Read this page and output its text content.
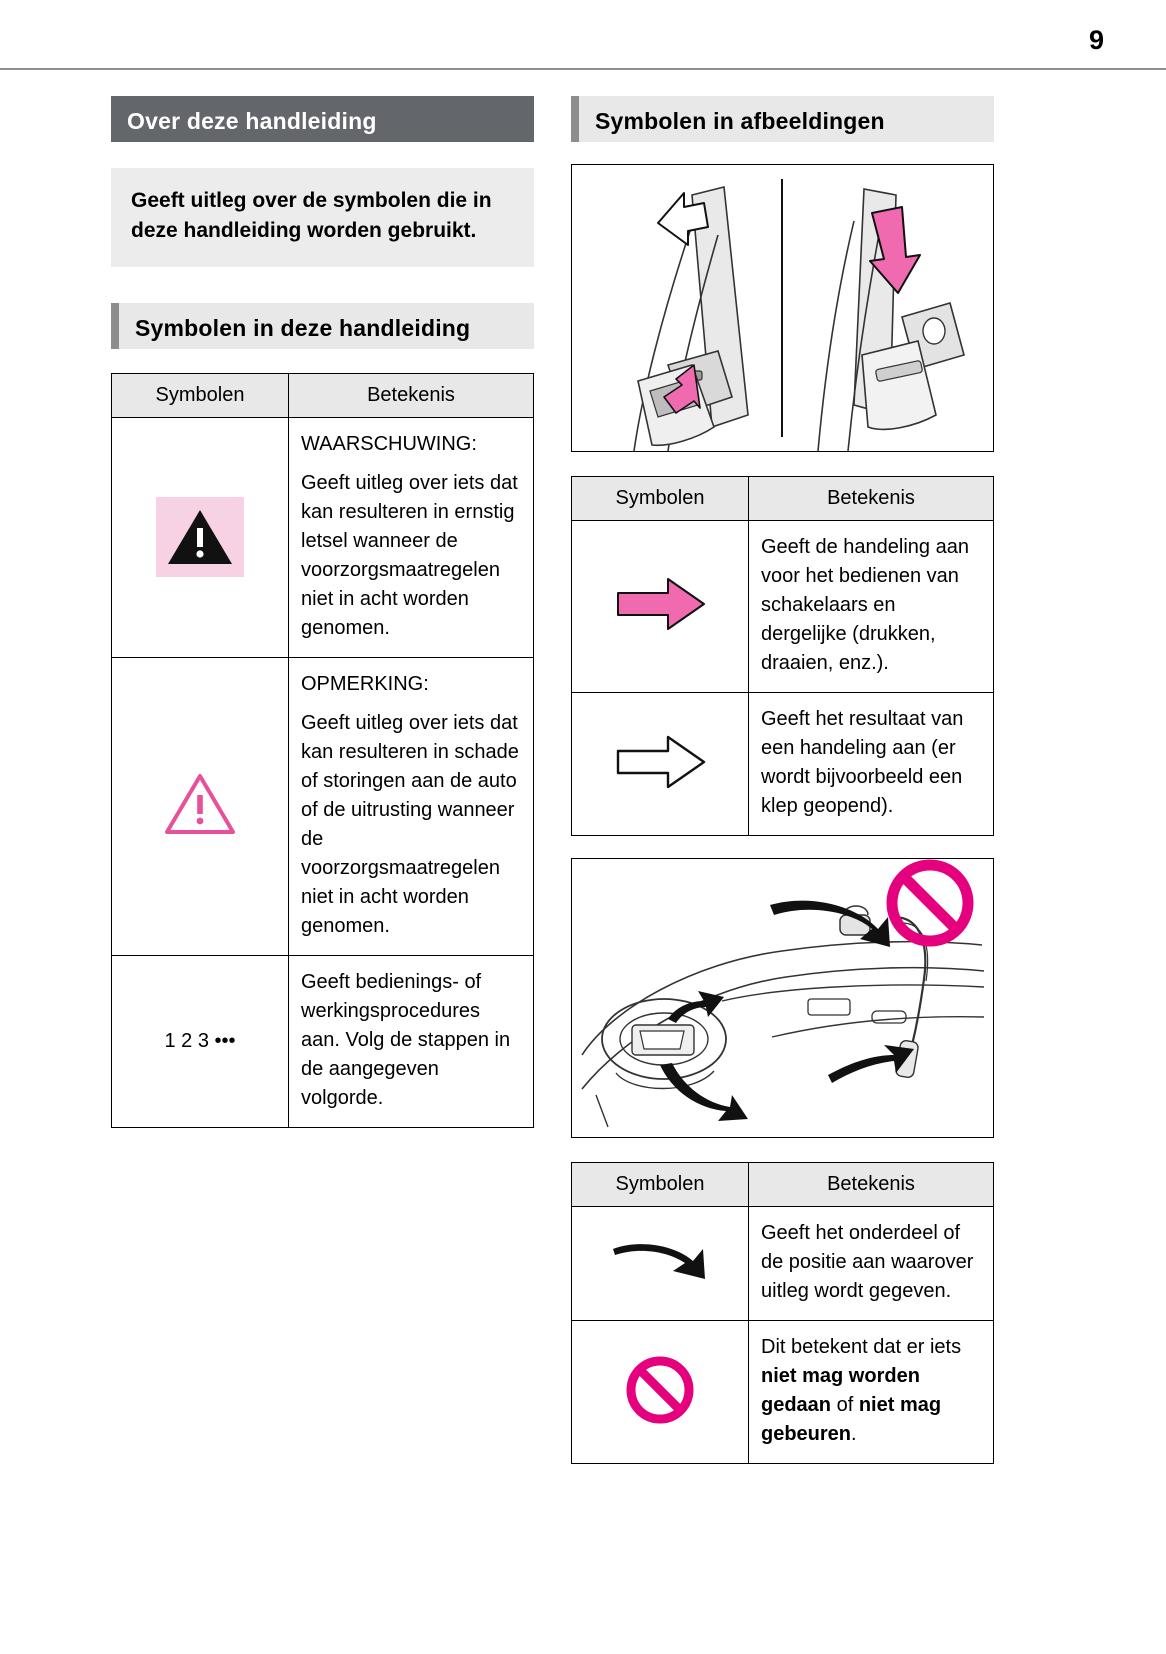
9
Over deze handleiding
Geeft uitleg over de symbolen die in deze handleiding worden gebruikt.
Symbolen in deze handleiding
Symbolen	Betekenis

WAARSCHUWING:

Geeft uitleg over iets dat kan resulteren in ernstig letsel wanneer de voorzorgsmaatregelen niet in acht worden genomen.

OPMERKING:

Geeft uitleg over iets dat kan resulteren in schade of storingen aan de auto of de uitrusting wanneer de voorzorgsmaatregelen niet in acht worden genomen.

1 2 3 •••	Geeft bedienings- of werkingsprocedures aan. Volg de stappen in de aangegeven volgorde.

Symbolen in afbeeldingen
Symbolen	Betekenis

Geeft de handeling aan voor het bedienen van schakelaars en dergelijke (drukken, draaien, enz.).

Geeft het resultaat van een handeling aan (er wordt bijvoorbeeld een klep geopend).

Symbolen	Betekenis

Geeft het onderdeel of de positie aan waarover uitleg wordt gegeven.

Dit betekent dat er iets niet mag worden gedaan of niet mag gebeuren.
